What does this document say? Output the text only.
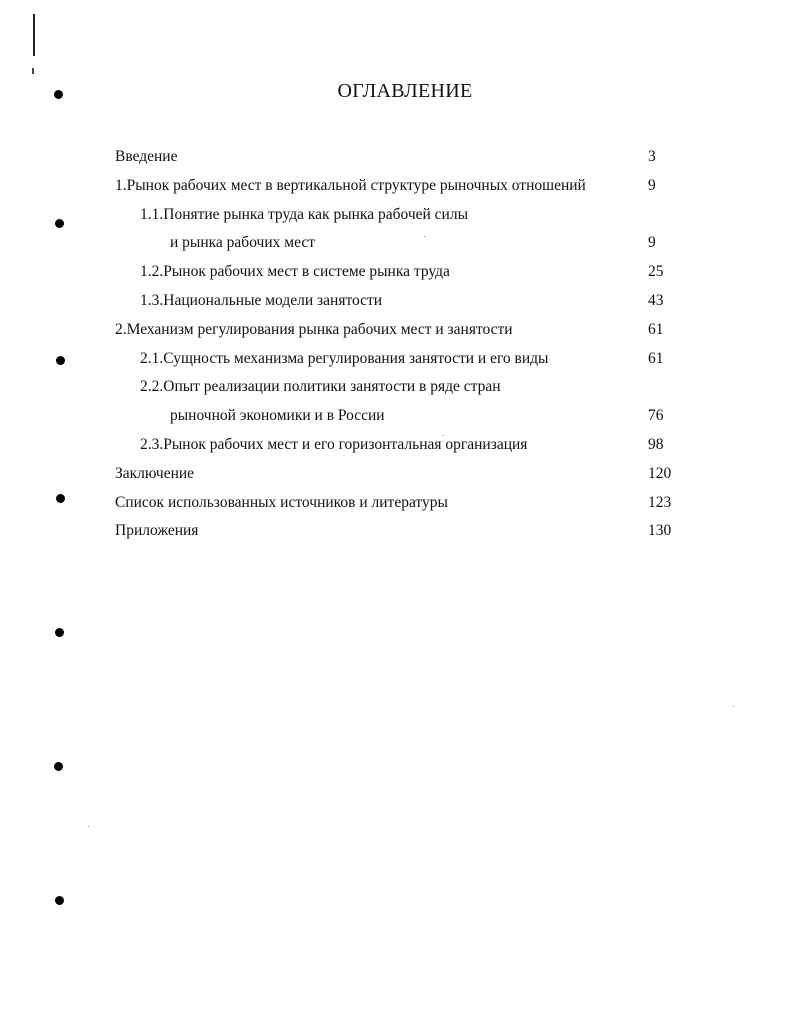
ОГЛАВЛЕНИЕ
Введение	3
1.Рынок рабочих мест в вертикальной структуре рыночных отношений	9
1.1.Понятие рынка труда как рынка рабочей силы
и рынка рабочих мест	9
1.2.Рынок рабочих мест в системе рынка труда	25
1.3.Национальные модели занятости	43
2.Механизм регулирования рынка рабочих мест и занятости	61
2.1.Сущность механизма регулирования занятости и его виды	61
2.2.Опыт реализации политики занятости в ряде стран
рыночной экономики и в России	76
2.3.Рынок рабочих мест и его горизонтальная организация	98
Заключение	120
Список использованных источников и литературы	123
Приложения	130
